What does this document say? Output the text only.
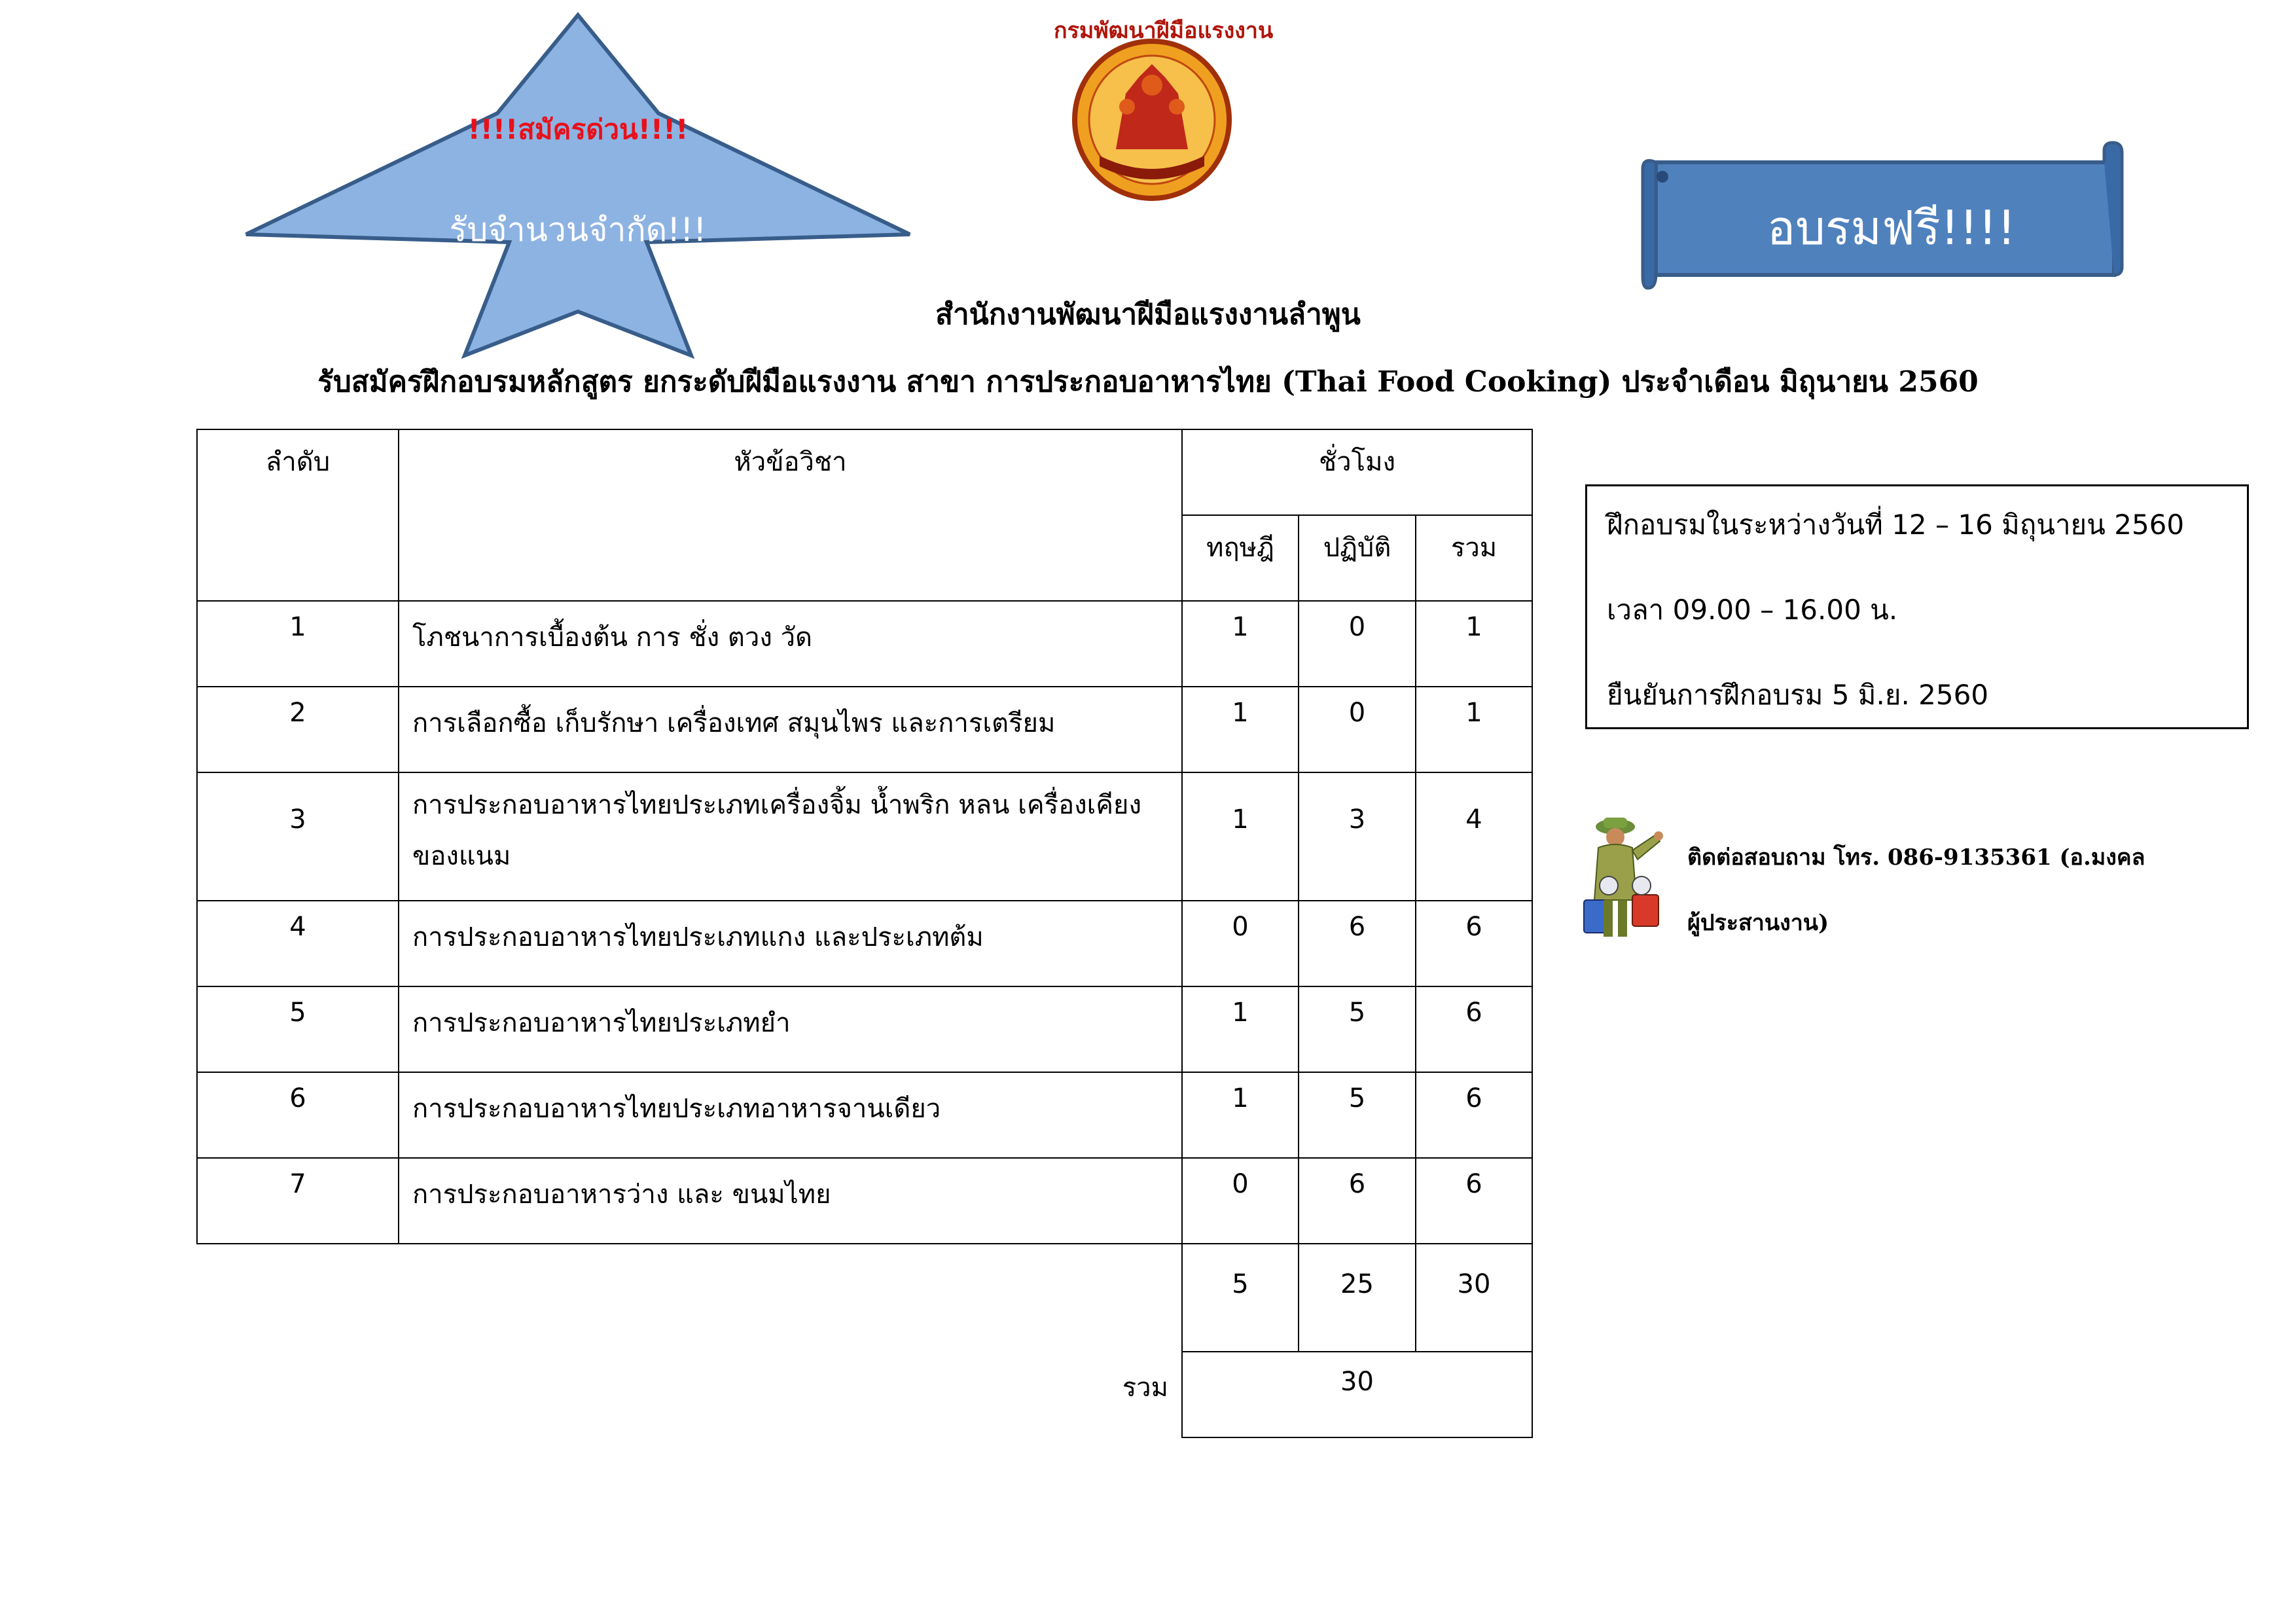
!!!!สมัครด่วน!!!!

รับจำนวนจำกัด!!!

กรมพัฒนาฝีมือแรงงาน

อบรมฟรี!!!!

สำนักงานพัฒนาฝีมือแรงงานลำพูน

รับสมัครฝึกอบรมหลักสูตร ยกระดับฝีมือแรงงาน สาขา การประกอบอาหารไทย (Thai Food Cooking) ประจำเดือน มิถุนายน 2560

ลำดับ	หัวข้อวิชา	ชั่วโมง		
		ทฤษฎี	ปฏิบัติ	รวม
1	โภชนาการเบื้องต้น การ ชั่ง ตวง วัด	1	0	1
2	การเลือกซื้อ เก็บรักษา เครื่องเทศ สมุนไพร และการเตรียม	1	0	1
3	การประกอบอาหารไทยประเภทเครื่องจิ้ม น้ำพริก หลน เครื่องเคียงของแนม	1	3	4
4	การประกอบอาหารไทยประเภทแกง และประเภทต้ม	0	6	6
5	การประกอบอาหารไทยประเภทยำ	1	5	6
6	การประกอบอาหารไทยประเภทอาหารจานเดียว	1	5	6
7	การประกอบอาหารว่าง และ ขนมไทย	0	6	6
		5	25	30
	รวม	30		

ฝึกอบรมในระหว่างวันที่ 12 – 16 มิถุนายน 2560

เวลา 09.00 – 16.00 น.

ยืนยันการฝึกอบรม 5 มิ.ย. 2560

ติดต่อสอบถาม โทร. 086-9135361 (อ.มงคล ผู้ประสานงาน)
